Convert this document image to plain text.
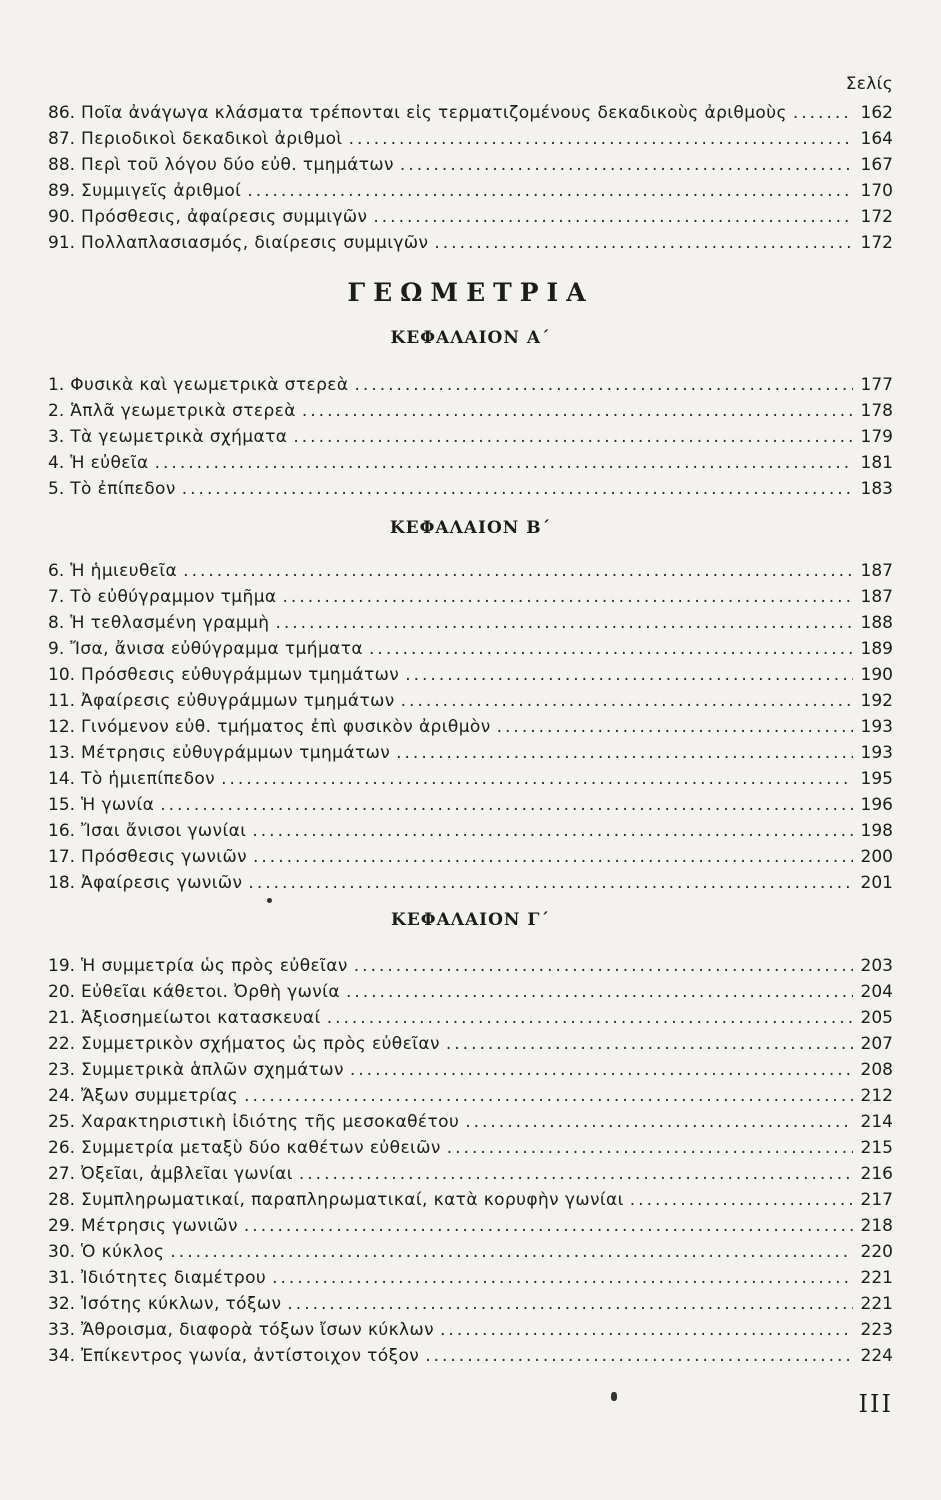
Σελίς
86. Ποῖα ἀνάγωγα κλάσματα τρέπονται εἰς τερματιζομένους δεκαδικοὺς ἀριθμοὺς .....	162
87. Περιοδικοὶ δεκαδικοὶ ἀριθμοὶ .....	164
88. Περὶ τοῦ λόγου δύο εὐθ. τμημάτων .....	167
89. Συμμιγεῖς ἀριθμοί .....	170
90. Πρόσθεσις, ἀφαίρεσις συμμιγῶν .....	172
91. Πολλαπλασιασμός, διαίρεσις συμμιγῶν .....	172
ΓΕΩΜΕΤΡΙΑ
ΚΕΦΑΛΑΙΟΝ Α΄
1. Φυσικὰ καὶ γεωμετρικὰ στερεὰ .....	177
2. Ἁπλᾶ γεωμετρικὰ στερεὰ .....	178
3. Τὰ γεωμετρικὰ σχήματα .....	179
4. Ἡ εὐθεῖα .....	181
5. Τὸ ἐπίπεδον .....	183
ΚΕΦΑΛΑΙΟΝ Β΄
6. Ἡ ἡμιευθεῖα .....	187
7. Τὸ εὐθύγραμμον τμῆμα .....	187
8. Ἡ τεθλασμένη γραμμὴ .....	188
9. Ἴσα, ἄνισα εὐθύγραμμα τμήματα .....	189
10. Πρόσθεσις εὐθυγράμμων τμημάτων .....	190
11. Ἀφαίρεσις εὐθυγράμμων τμημάτων .....	192
12. Γινόμενον εὐθ. τμήματος ἐπὶ φυσικὸν ἀριθμὸν .....	193
13. Μέτρησις εὐθυγράμμων τμημάτων .....	193
14. Τὸ ἡμιεπίπεδον .....	195
15. Ἡ γωνία .....	196
16. Ἴσαι ἄνισοι γωνίαι .....	198
17. Πρόσθεσις γωνιῶν .....	200
18. Ἀφαίρεσις γωνιῶν .....	201
ΚΕΦΑΛΑΙΟΝ Γ΄
19. Ἡ συμμετρία ὡς πρὸς εὐθεῖαν .....	203
20. Εὐθεῖαι κάθετοι. Ὀρθὴ γωνία .....	204
21. Ἀξιοσημείωτοι κατασκευαί .....	205
22. Συμμετρικὸν σχήματος ὡς πρὸς εὐθεῖαν .....	207
23. Συμμετρικὰ ἁπλῶν σχημάτων .....	208
24. Ἄξων συμμετρίας .....	212
25. Χαρακτηριστικὴ ἰδιότης τῆς μεσοκαθέτου .....	214
26. Συμμετρία μεταξὺ δύο καθέτων εὐθειῶν .....	215
27. Ὀξεῖαι, ἀμβλεῖαι γωνίαι .....	216
28. Συμπληρωματικαί, παραπληρωματικαί, κατὰ κορυφὴν γωνίαι .....	217
29. Μέτρησις γωνιῶν .....	218
30. Ὁ κύκλος .....	220
31. Ἰδιότητες διαμέτρου .....	221
32. Ἰσότης κύκλων, τόξων .....	221
33. Ἄθροισμα, διαφορὰ τόξων ἴσων κύκλων .....	223
34. Ἐπίκεντρος γωνία, ἀντίστοιχον τόξον .....	224
III
